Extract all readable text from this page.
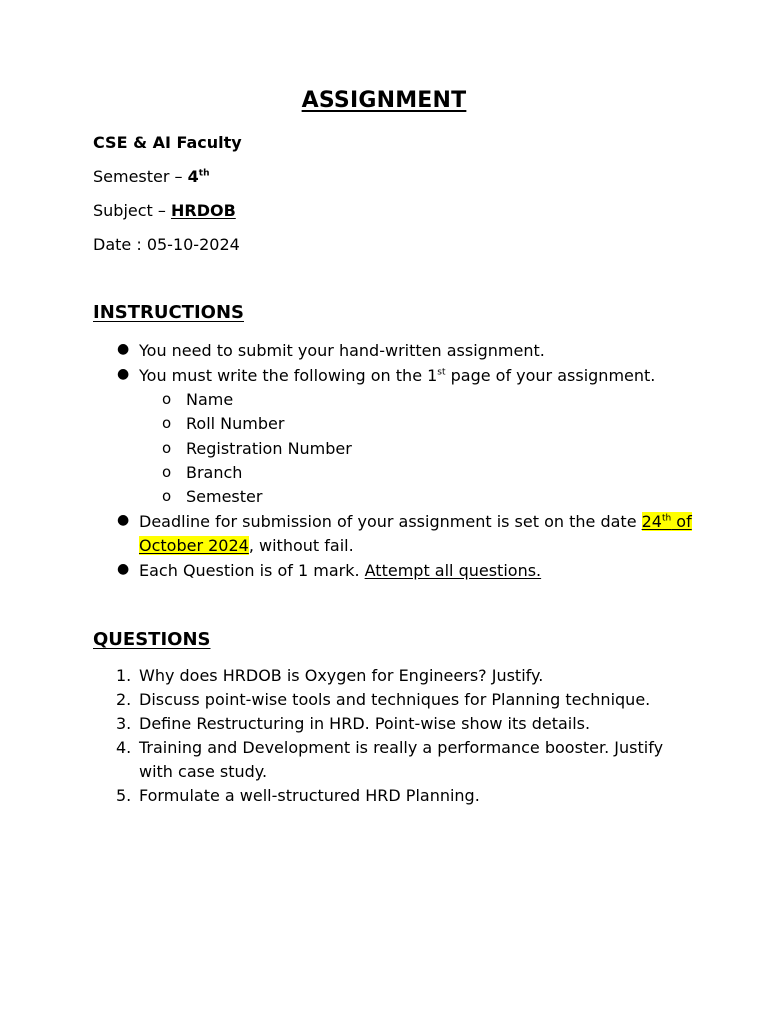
ASSIGNMENT
CSE & AI Faculty
Semester – 4th
Subject – HRDOB
Date : 05-10-2024
INSTRUCTIONS
● You need to submit your hand-written assignment.
● You must write the following on the 1st page of your assignment.
o Name
o Roll Number
o Registration Number
o Branch
o Semester
● Deadline for submission of your assignment is set on the date 24th of
October 2024, without fail.
● Each Question is of 1 mark. Attempt all questions.
QUESTIONS
1. Why does HRDOB is Oxygen for Engineers? Justify.
2. Discuss point-wise tools and techniques for Planning technique.
3. Define Restructuring in HRD. Point-wise show its details.
4. Training and Development is really a performance booster. Justify
with case study.
5. Formulate a well-structured HRD Planning.
